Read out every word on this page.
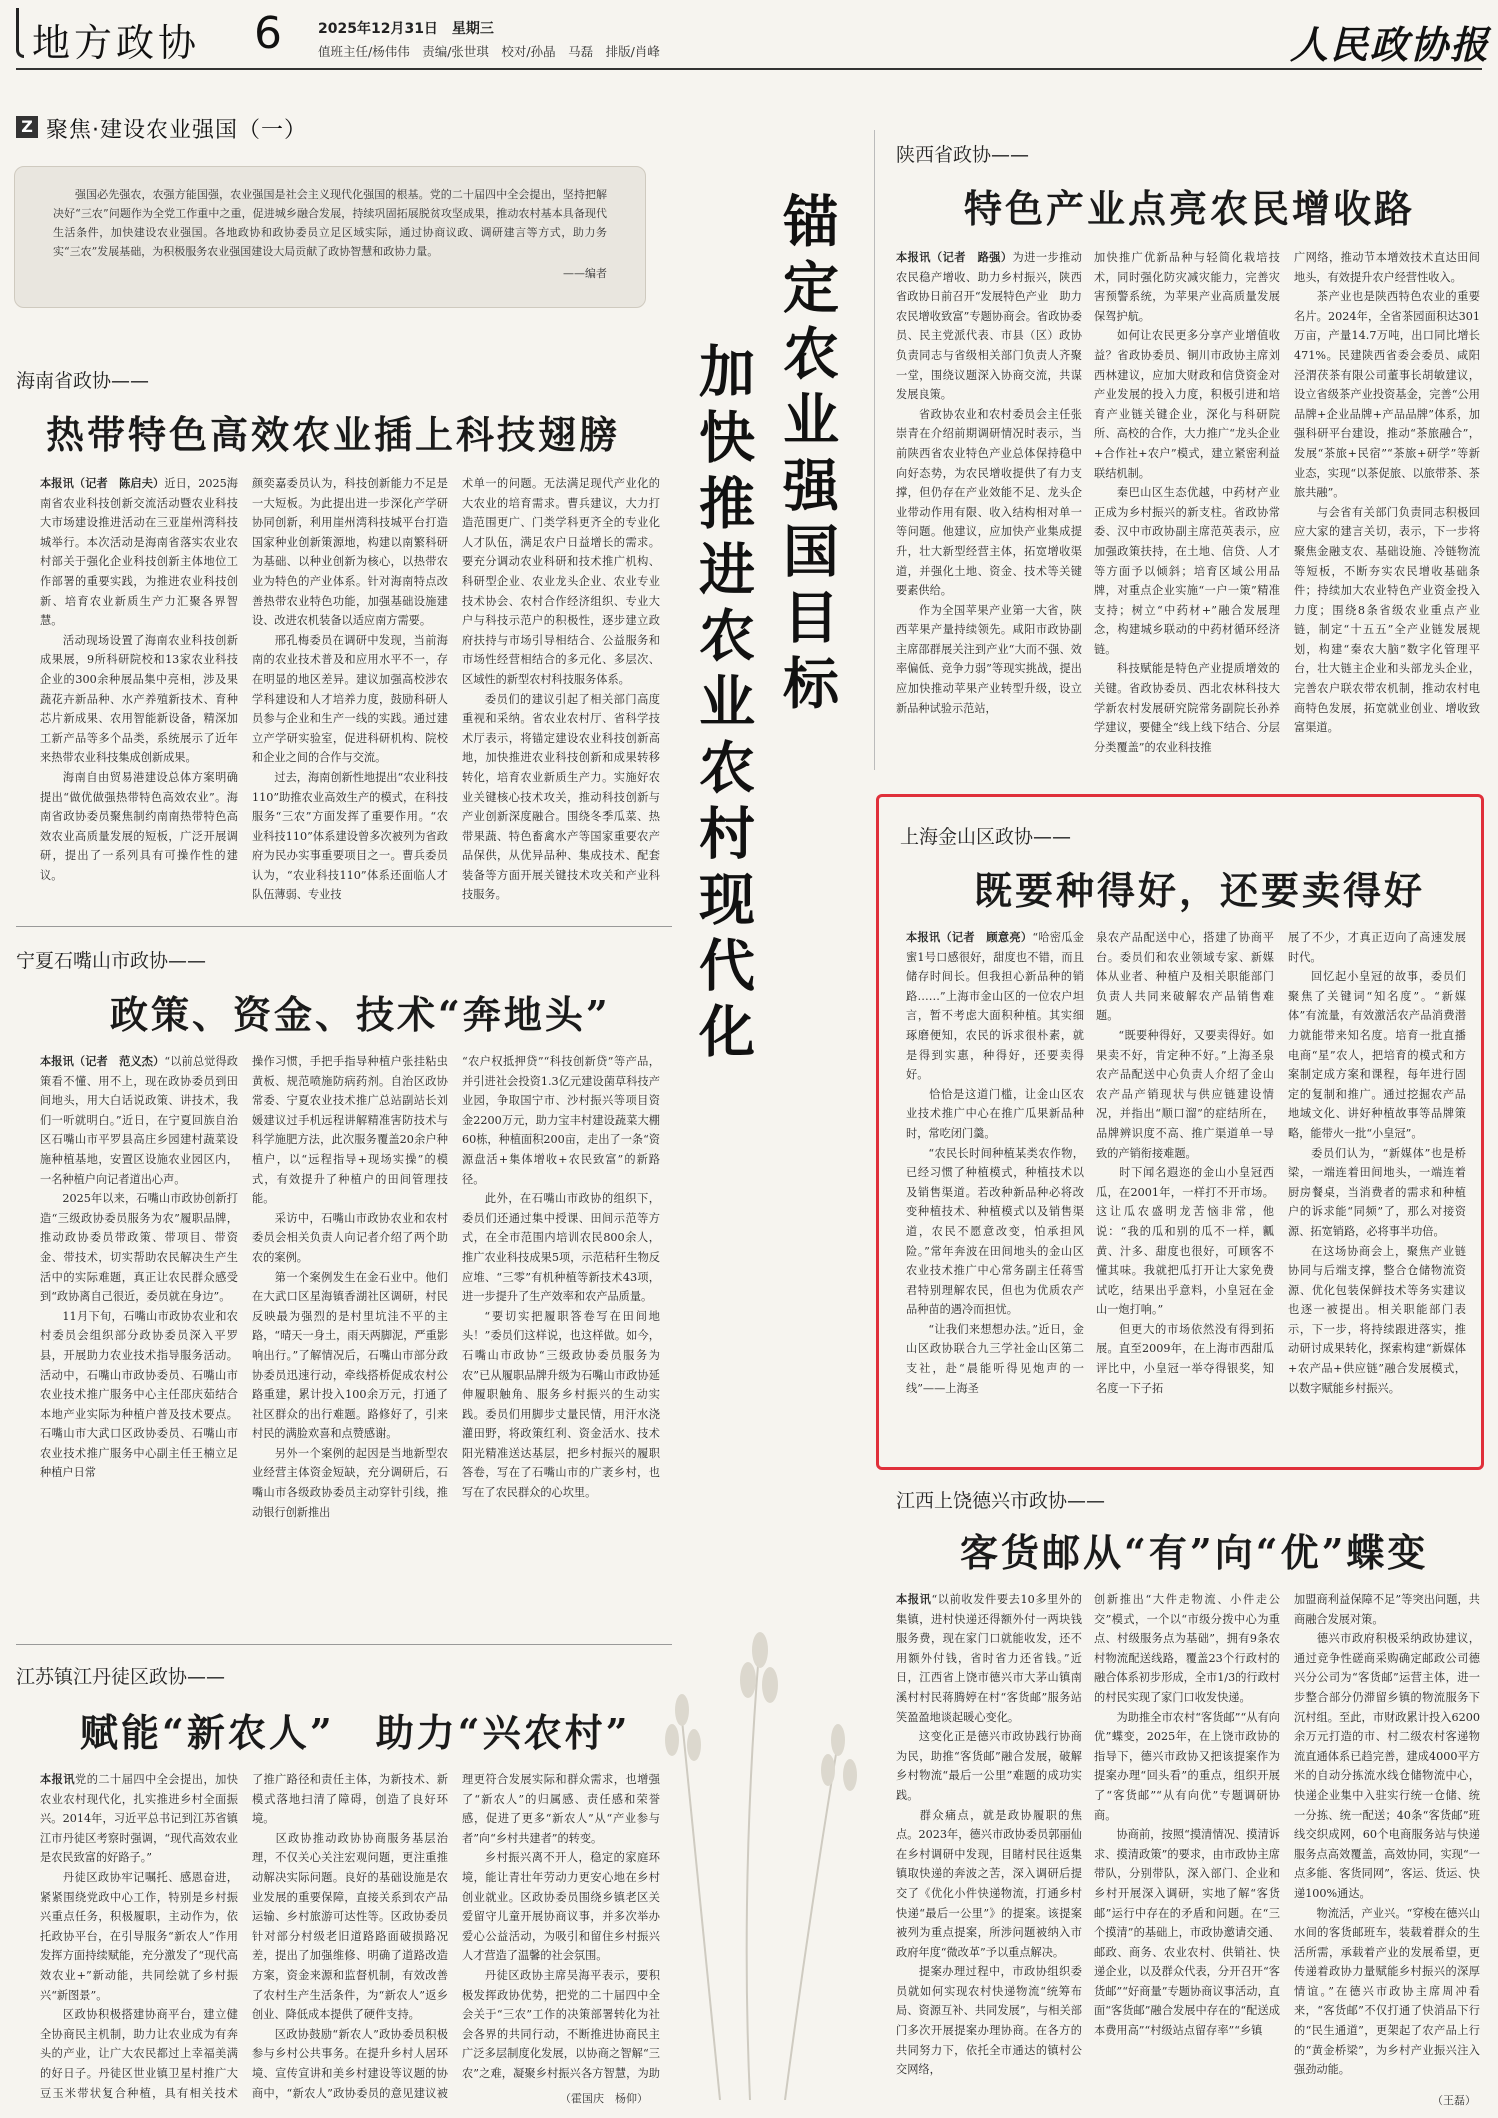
地方政协 6	2025年12月31日　星期三
值班主任/杨伟伟　责编/张世琪　校对/孙晶　马磊　排版/肖峰	人民政协报
Z 聚焦·建设农业强国（一）
强国必先强农，农强方能国强，农业强国是社会主义现代化强国的根基。党的二十届四中全会提出，坚持把解决好“三农”问题作为全党工作重中之重，促进城乡融合发展，持续巩固拓展脱贫攻坚成果，推动农村基本具备现代生活条件，加快建设农业强国。各地政协和政协委员立足区域实际，通过协商议政、调研建言等方式，助力务实“三农”发展基础，为积极服务农业强国建设大局贡献了政协智慧和政协力量。
——编者	锚定农业强国目标
加快推进农业农村现代化
海南省政协——
热带特色高效农业插上科技翅膀
本报讯（记者　陈启夫）近日，2025海南省农业科技创新交流活动暨农业科技大市场建设推进活动在三亚崖州湾科技城举行。本次活动是海南省落实农业农村部关于强化企业科技创新主体地位工作部署的重要实践，为推进农业科技创新、培育农业新质生产力汇聚各界智慧。
活动现场设置了海南农业科技创新成果展，9所科研院校和13家农业科技企业的300余种展品集中亮相，涉及果蔬花卉新品种、水产养殖新技术、育种芯片新成果、农用智能新设备，精深加工新产品等多个品类，系统展示了近年来热带农业科技集成创新成果。
海南自由贸易港建设总体方案明确提出“做优做强热带特色高效农业”。海南省政协委员聚焦制约南南热带特色高效农业高质量发展的短板，广泛开展调研，提出了一系列具有可操作性的建议。
颜奕嘉委员认为，科技创新能力不足是一大短板。为此提出进一步深化产学研协同创新，利用崖州湾科技城平台打造国家种业创新策源地，构建以南繁科研为基础、以种业创新为核心，以热带农业为特色的产业体系。针对海南特点改善热带农业特色功能，加强基础设施建设、改进农机装备以适应南方需要。
邢孔梅委员在调研中发现，当前海南的农业技术普及和应用水平不一，存在明显的地区差异。建议加强高校涉农学科建设和人才培养力度，鼓励科研人员参与企业和生产一线的实践。通过建立产学研实验室，促进科研机构、院校和企业之间的合作与交流。
过去，海南创新性地提出“农业科技110”助推农业高效生产的模式，在科技服务“三农”方面发挥了重要作用。“农业科技110”体系建设曾多次被列为省政府为民办实事重要项目之一。曹兵委员认为，“农业科技110”体系还面临人才队伍薄弱、专业技
术单一的问题。无法满足现代产业化的大农业的培育需求。曹兵建议，大力打造范围更广、门类学科更齐全的专业化人才队伍，满足农户日益增长的需求。要充分调动农业科研和技术推广机构、科研型企业、农业龙头企业、农业专业技术协会、农村合作经济组织、专业大户与科技示范户的积极性，逐步建立政府扶持与市场引导相结合、公益服务和市场性经营相结合的多元化、多层次、区域性的新型农村科技服务体系。
委员们的建议引起了相关部门高度重视和采纳。省农业农村厅、省科学技术厅表示，将锚定建设农业科技创新高地，加快推进农业科技创新和成果转移转化，培育农业新质生产力。实施好农业关键核心技术攻关，推动科技创新与产业创新深度融合。围绕冬季瓜菜、热带果蔬、特色畜禽水产等国家重要农产品保供，从优异品种、集成技术、配套装备等方面开展关键技术攻关和产业科技服务。
宁夏石嘴山市政协——
政策、资金、技术“奔地头”
本报讯（记者　范义杰）“以前总觉得政策看不懂、用不上，现在政协委员到田间地头，用大白话说政策、讲技术，我们一听就明白。”近日，在宁夏回族自治区石嘴山市平罗县高庄乡园建村蔬菜设施种植基地，安置区设施农业园区内，一名种植户向记者道出心声。
2025年以来，石嘴山市政协创新打造“三级政协委员服务为农”履职品牌，推动政协委员带政策、带项目、带资金、带技术，切实帮助农民解决生产生活中的实际难题，真正让农民群众感受到“政协离自己很近，委员就在身边”。
11月下旬，石嘴山市政协农业和农村委员会组织部分政协委员深入平罗县，开展助力农业技术指导服务活动。活动中，石嘴山市政协委员、石嘴山市农业技术推广服务中心主任邵庆茹结合本地产业实际为种植户普及技术要点。石嘴山市大武口区政协委员、石嘴山市农业技术推广服务中心副主任王楠立足种植户日常
操作习惯，手把手指导种植户张挂粘虫黄板、规范喷施防病药剂。自治区政协常委、宁夏农业技术推广总站副站长刘媛建议过手机远程讲解精准害防技术与科学施肥方法，此次服务覆盖20余户种植户，以“远程指导+现场实操”的模式，有效提升了种植户的田间管理技能。
采访中，石嘴山市政协农业和农村委员会相关负责人向记者介绍了两个助农的案例。
第一个案例发生在金石业中。他们在大武口区星海镇香湖社区调研，村民反映最为强烈的是村里坑洼不平的主路，“晴天一身土，雨天两脚泥，严重影响出行。”了解情况后，石嘴山市部分政协委员迅速行动，牵线搭桥促成农村公路重建，累计投入100余万元，打通了社区群众的出行难题。路修好了，引来村民的满脸欢喜和点赞感谢。
另外一个案例的起因是当地新型农业经营主体资金短缺，充分调研后，石嘴山市各级政协委员主动穿针引线，推动银行创新推出
“农户权抵押贷”“科技创新贷”等产品，并引进社会投资1.3亿元建设菌草科技产业园，争取国宁市、沙村振兴等项目资金2200万元，助力宝丰村建设蔬菜大棚60栋，种植面积200亩，走出了一条“资源盘活+集体增收+农民致富”的新路径。
此外，在石嘴山市政协的组织下，委员们还通过集中授课、田间示范等方式，在全市范围内培训农民800余人，推广农业科技成果5项，示范秸秆生物反应堆、“三零”有机种植等新技术43项，进一步提升了生产效率和农产品质量。
“要切实把履职答卷写在田间地头！”委员们这样说，也这样做。如今，石嘴山市政协“三级政协委员服务为农”已从履职品牌升级为石嘴山市政协延伸履职触角、服务乡村振兴的生动实践。委员们用脚步丈量民情，用汗水浇灌田野，将政策红利、资金活水、技术阳光精准送达基层，把乡村振兴的履职答卷，写在了石嘴山市的广袤乡村，也写在了农民群众的心坎里。
江苏镇江丹徒区政协——
赋能“新农人”　助力“兴农村”
本报讯党的二十届四中全会提出，加快农业农村现代化，扎实推进乡村全面振兴。2014年，习近平总书记到江苏省镇江市丹徒区考察时强调，“现代高效农业是农民致富的好路子。”
丹徒区政协牢记嘱托、感恩奋进，紧紧围绕党政中心工作，特别是乡村振兴重点任务，积极履职，主动作为，依托政协平台，在引导服务“新农人”作用发挥方面持续赋能，充分激发了“现代高效农业+”新动能，共同绘就了乡村振兴“新图景”。
区政协积极搭建协商平台，建立健全协商民主机制，助力让农业成为有奔头的产业，让广大农民都过上幸福美满的好日子。丹徒区世业镇卫星村推广大豆玉米带状复合种植，具有相关技术
了推广路径和责任主体，为新技术、新模式落地扫清了障碍，创造了良好环境。
区政协推动政协协商服务基层治理，不仅关心关注宏观问题，更注重推动解决实际问题。良好的基础设施是农业发展的重要保障，直接关系到农产品运输、乡村旅游可达性等。区政协委员针对部分村级老旧道路路面破损路况差，提出了加强维修、明确了道路改造方案，资金来源和监督机制，有效改善了农村生产生活条件，为“新农人”返乡创业、降低成本提供了硬件支持。
区政协鼓励“新农人”政协委员积极参与乡村公共事务。在提升乡村人居环境、宣传宣讲和美乡村建设等议题的协商中，“新农人”政协委员的意见建议被
理更符合发展实际和群众需求，也增强了“新农人”的归属感、责任感和荣誉感，促进了更多“新农人”从“产业参与者”向“乡村共建者”的转变。
乡村振兴离不开人，稳定的家庭环境，能让青壮年劳动力更安心地在乡村创业就业。区政协委员围绕乡镇老区关爱留守儿童开展协商议事，并多次举办爱心公益活动，为吸引和留住乡村振兴人才营造了温馨的社会氛围。
丹徒区政协主席吴海平表示，要积极发挥政协优势，把党的二十届四中全会关于“三农”工作的决策部署转化为社会各界的共同行动，不断推进协商民主广泛多层制度化发展，以协商之智解“三农”之难，凝聚乡村振兴各方智慧，为助
（霍国庆　杨仰）
陕西省政协——
特色产业点亮农民增收路
本报讯（记者　路强）为进一步推动农民稳产增收、助力乡村振兴，陕西省政协日前召开“发展特色产业　助力农民增收致富”专题协商会。省政协委员、民主党派代表、市县（区）政协负责同志与省级相关部门负责人齐聚一堂，围绕议题深入协商交流，共谋发展良策。
省政协农业和农村委员会主任张崇青在介绍前期调研情况时表示，当前陕西省农业特色产业总体保持稳中向好态势，为农民增收提供了有力支撑，但仍存在产业效能不足、龙头企业带动作用有限、收入结构相对单一等问题。他建议，应加快产业集成提升，壮大新型经营主体，拓宽增收渠道，并强化土地、资金、技术等关键要素供给。
作为全国苹果产业第一大省，陕西苹果产量持续领先。咸阳市政协副主席邵群展关注到产业“大而不强、效率偏低、竞争力弱”等现实挑战，提出应加快推动苹果产业转型升级，设立新品种试验示范站，
加快推广优新品种与轻简化栽培技术，同时强化防灾减灾能力，完善灾害预警系统，为苹果产业高质量发展保驾护航。
如何让农民更多分享产业增值收益？省政协委员、铜川市政协主席刘西林建议，应加大财政和信贷资金对产业发展的投入力度，积极引进和培育产业链关键企业，深化与科研院所、高校的合作，大力推广“龙头企业+合作社+农户”模式，建立紧密利益联结机制。
秦巴山区生态优越，中药材产业正成为乡村振兴的新支柱。省政协常委、汉中市政协副主席范英表示，应加强政策扶持，在土地、信贷、人才等方面予以倾斜；培育区域公用品牌，对重点企业实施“一户一策”精准支持；树立“中药材+”融合发展理念，构建城乡联动的中药材循环经济链。
科技赋能是特色产业提质增效的关键。省政协委员、西北农林科技大学新农村发展研究院常务副院长孙养学建议，要健全“线上线下结合、分层分类覆盖”的农业科技推
广网络，推动节本增效技术直达田间地头，有效提升农户经营性收入。
茶产业也是陕西特色农业的重要名片。2024年，全省茶园面积达301万亩，产量14.7万吨，出口同比增长471%。民建陕西省委会委员、咸阳泾渭茯茶有限公司董事长胡敏建议，设立省级茶产业投资基金，完善“公用品牌+企业品牌+产品品牌”体系，加强科研平台建设，推动“茶旅融合”，发展“茶旅+民宿”“茶旅+研学”等新业态，实现“以茶促旅、以旅带茶、茶旅共融”。
与会省有关部门负责同志积极回应大家的建言关切，表示，下一步将聚焦金融支农、基础设施、冷链物流等短板，不断夯实农民增收基础条件；持续加大农业特色产业资金投入力度；围绕8条省级农业重点产业链，制定“十五五”全产业链发展规划，构建“秦农大脑”数字化管理平台，壮大链主企业和头部龙头企业，完善农户联农带农机制，推动农村电商特色发展，拓宽就业创业、增收致富渠道。
上海金山区政协——
既要种得好，还要卖得好
本报讯（记者　顾意亮）“哈密瓜金蜜1号口感很好，甜度也不错，而且储存时间长。但我担心新品种的销路……”上海市金山区的一位农户坦言，暂不考虑大面积种植。其实细琢磨便知，农民的诉求很朴素，就是得到实惠，种得好，还要卖得好。
恰恰是这道门槛，让金山区农业技术推广中心在推广瓜果新品种时，常吃闭门羹。
“农民长时间种植某类农作物，已经习惯了种植模式，种植技术以及销售渠道。若改种新品种必将改变种植技术、种植模式以及销售渠道，农民不愿意改变，怕承担风险。”常年奔波在田间地头的金山区农业技术推广中心常务副主任蒋雪君特别理解农民，但也为优质农产品种苗的遇冷而担忧。
“让我们来想想办法。”近日，金山区政协联合九三学社金山区第二支社，赴“晨能听得见炮声的一线”——上海圣
泉农产品配送中心，搭建了协商平台。委员们和农业领域专家、新媒体从业者、种植户及相关职能部门负责人共同来破解农产品销售难题。
“既要种得好，又要卖得好。如果卖不好，肯定种不好。”上海圣泉农产品配送中心负责人介绍了金山农产品产销现状与供应链建设情况，并指出“顺口溜”的症结所在，品牌辨识度不高、推广渠道单一导致的产销衔接难题。
时下闻名遐迩的金山小皇冠西瓜，在2001年，一样打不开市场。这让瓜农盛明龙苦恼非常，他说：“我的瓜和别的瓜不一样，瓤黄、汁多、甜度也很好，可顾客不懂其味。我就把瓜打开让大家免费试吃，结果出乎意料，小皇冠在金山一炮打响。”
但更大的市场依然没有得到拓展。直至2009年，在上海市西甜瓜评比中，小皇冠一举夺得银奖，知名度一下子拓
展了不少，才真正迈向了高速发展时代。
回忆起小皇冠的故事，委员们聚焦了关键词“知名度”。“新媒体”有流量，有效激活农产品消费潜力就能带来知名度。培育一批直播电商“星”农人，把培育的模式和方案制定成方案和课程，每年进行固定的复制和推广。通过挖掘农产品地域文化、讲好种植故事等品牌策略，能带火一批“小皇冠”。
委员们认为，“新媒体”也是桥梁，一端连着田间地头，一端连着厨房餐桌，当消费者的需求和种植户的诉求能“同频”了，那么对接资源、拓宽销路，必将事半功倍。
在这场协商会上，聚焦产业链协同与后端支撑，整合仓储物流资源、优化包装保鲜技术等务实建议也逐一被提出。相关职能部门表示，下一步，将持续跟进落实，推动研讨成果转化，探索构建“新媒体+农产品+供应链”融合发展模式，以数字赋能乡村振兴。
江西上饶德兴市政协——
客货邮从“有”向“优”蝶变
本报讯“以前收发件要去10多里外的集镇，进村快递还得额外付一两块钱服务费，现在家门口就能收发，还不用额外付钱，省时省力还省钱。”近日，江西省上饶市德兴市大茅山镇南溪村村民蒋腾婷在村“客货邮”服务站笑盈盈地谈起暖心变化。
这变化正是德兴市政协践行协商为民，助推“客货邮”融合发展，破解乡村物流“最后一公里”难题的成功实践。
群众痛点，就是政协履职的焦点。2023年，德兴市政协委员郭丽仙在乡村调研中发现，目睹村民往返集镇取快递的奔波之苦，深入调研后提交了《优化小件快递物流，打通乡村快递“最后一公里”》的提案。该提案被列为重点提案，所涉问题被纳入市政府年度“微改革”予以重点解决。
提案办理过程中，市政协组织委员就如何实现农村快递物流“统筹布局、资源互补、共同发展”，与相关部门多次开展提案办理协商。在各方的共同努力下，依托全市通达的镇村公交网络，
创新推出“大件走物流、小件走公交”模式，一个以“市级分拨中心为重点、村级服务点为基础”，拥有9条农村物流配送线路，覆盖23个行政村的融合体系初步形成，全市1/3的行政村的村民实现了家门口收发快递。
为助推全市农村“客货邮”“从有向优”蝶变，2025年，在上饶市政协的指导下，德兴市政协又把该提案作为提案办理“回头看”的重点，组织开展了“客货邮”“从有向优”专题调研协商。
协商前，按照“摸清情况、摸清诉求、摸清政策”的要求，由市政协主席带队，分别带队，深入部门、企业和乡村开展深入调研，实地了解“客货邮”运行中存在的矛盾和问题。在“三个摸清”的基础上，市政协邀请交通、邮政、商务、农业农村、供销社、快递企业，以及群众代表，分开召开“客货邮”“好商量”专题协商议事活动，直面“客货邮”融合发展中存在的“配送成本费用高”“村级站点留存率”“乡镇
加盟商利益保障不足”等突出问题，共商融合发展对策。
德兴市政府积极采纳政协建议，通过竞争性磋商采购确定邮政公司德兴分公司为“客货邮”运营主体，进一步整合部分仍滞留乡镇的物流服务下沉村组。至此，市财政累计投入6200余万元打造的市、村二级农村客递物流直通体系已趋完善，建成4000平方米的自动分拣流水线仓储物流中心，快递企业集中入驻实行统一仓储、统一分拣、统一配送；40条“客货邮”班线交织成网，60个电商服务站与快递服务点高效覆盖，高效协同，实现“一点多能、客货同网”，客运、货运、快递100%通达。
物流活，产业兴。“穿梭在德兴山水间的客货邮班车，装载着群众的生活所需，承载着产业的发展希望，更传递着政协力量赋能乡村振兴的深厚情谊。”在德兴市政协主席周冲看来，“客货邮”不仅打通了快消品下行的“民生通道”，更架起了农产品上行的“黄金桥梁”，为乡村产业振兴注入强劲动能。
（王磊）
